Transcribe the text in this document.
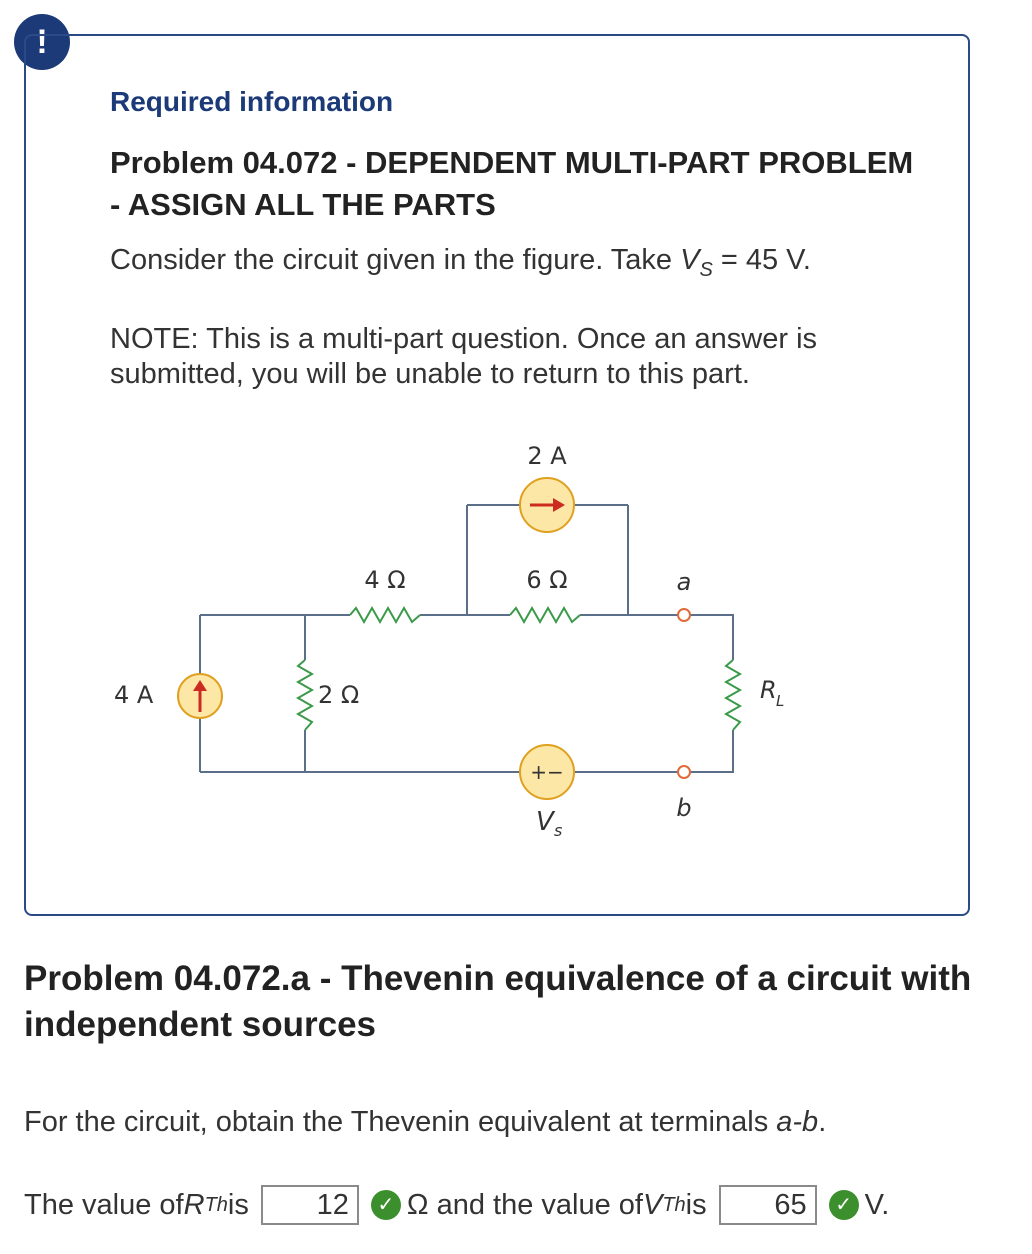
!
Required information
Problem 04.072 - DEPENDENT MULTI-PART PROBLEM - ASSIGN ALL THE PARTS
Consider the circuit given in the figure. Take $V_S = 45$ V.
NOTE: This is a multi-part question. Once an answer is submitted, you will be unable to return to this part.
2 A
6 Ω
4 Ω
2 Ω
4 A
a
b
R L
V s
+−
Problem 04.072.a - Thevenin equivalence of a circuit with independent sources
For the circuit, obtain the Thevenin equivalent at terminals a-b.
The value of R Th is	12	✓ Ω and the value of V Th is	65	✓ V.
